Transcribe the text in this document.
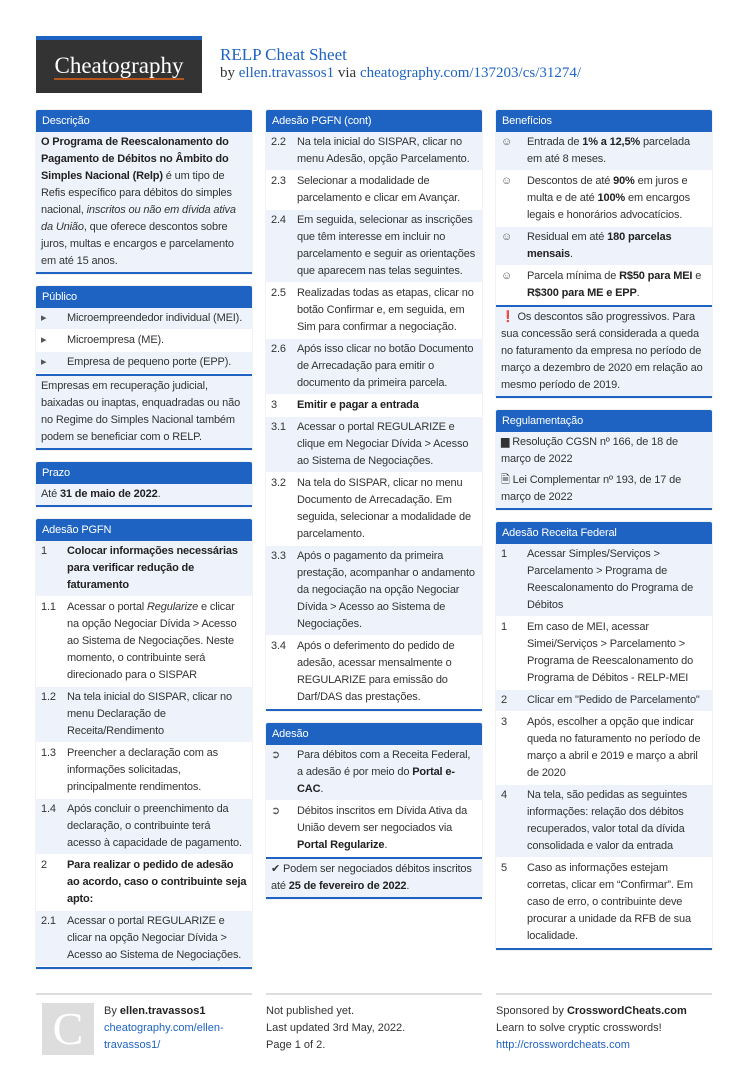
Cheatography RELP Cheat Sheet
by ellen.travassos1 via cheatography.com/137203/cs/31274/
Descrição
O Programa de Reescalonamento do Pagamento de Débitos no Âmbito do Simples Nacional (Relp) é um tipo de Refis específico para débitos do simples nacional, inscritos ou não em dívida ativa da União, que oferece descontos sobre juros, multas e encargos e parcelamento em até 15 anos.
Público
▸	Microempreendedor individual (MEI).
▸	Microempresa (ME).
▸	Empresa de pequeno porte (EPP).
Empresas em recuperação judicial, baixadas ou inaptas, enquadradas ou não no Regime do Simples Nacional também podem se beneficiar com o RELP.
Prazo
Até 31 de maio de 2022.
Adesão PGFN
1	Colocar informações necessárias para verificar redução de faturamento
1.1	Acessar o portal Regularize e clicar na opção Negociar Dívida > Acesso ao Sistema de Negociações. Neste momento, o contribuinte será direcionado para o SISPAR
1.2	Na tela inicial do SISPAR, clicar no menu Declaração de Receita/Rendimento
1.3	Preencher a declaração com as informações solicitadas, principalmente rendimentos.
1.4	Após concluir o preenchimento da declaração, o contribuinte terá acesso à capacidade de pagamento.
2	Para realizar o pedido de adesão ao acordo, caso o contribuinte seja apto:
2.1	Acessar o portal REGULARIZE e clicar na opção Negociar Dívida > Acesso ao Sistema de Negociações.
Adesão PGFN (cont)
2.2	Na tela inicial do SISPAR, clicar no menu Adesão, opção Parcelamento.
2.3	Selecionar a modalidade de parcelamento e clicar em Avançar.
2.4	Em seguida, selecionar as inscrições que têm interesse em incluir no parcelamento e seguir as orientações que aparecem nas telas seguintes.
2.5	Realizadas todas as etapas, clicar no botão Confirmar e, em seguida, em Sim para confirmar a negociação.
2.6	Após isso clicar no botão Documento de Arrecadação para emitir o documento da primeira parcela.
3	Emitir e pagar a entrada
3.1	Acessar o portal REGULARIZE e clique em Negociar Dívida > Acesso ao Sistema de Negociações.
3.2	Na tela do SISPAR, clicar no menu Documento de Arrecadação. Em seguida, selecionar a modalidade de parcelamento.
3.3	Após o pagamento da primeira prestação, acompanhar o andamento da negociação na opção Negociar Dívida > Acesso ao Sistema de Negociações.
3.4	Após o deferimento do pedido de adesão, acessar mensalmente o REGULARIZE para emissão do Darf/DAS das prestações.
Adesão
➲	Para débitos com a Receita Federal, a adesão é por meio do Portal e-CAC.
➲	Débitos inscritos em Dívida Ativa da União devem ser negociados via Portal Regularize.
✔ Podem ser negociados débitos inscritos até 25 de fevereiro de 2022.
Benefícios
☺	Entrada de 1% a 12,5% parcelada em até 8 meses.
☺	Descontos de até 90% em juros e multa e de até 100% em encargos legais e honorários advocatícios.
☺	Residual em até 180 parcelas mensais.
☺	Parcela mínima de R$50 para MEI e R$300 para ME e EPP.
❗ Os descontos são progressivos. Para sua concessão será considerada a queda no faturamento da empresa no período de março a dezembro de 2020 em relação ao mesmo período de 2019.
Regulamentação
▆ Resolução CGSN nº 166, de 18 de março de 2022
🗎 Lei Complementar nº 193, de 17 de março de 2022
Adesão Receita Federal
1	Acessar Simples/Serviços > Parcelamento > Programa de Reescalonamento do Programa de Débitos
1	Em caso de MEI, acessar Simei/Serviços > Parcelamento > Programa de Reescalonamento do Programa de Débitos - RELP-MEI
2	Clicar em "Pedido de Parcelamento"
3	Após, escolher a opção que indicar queda no faturamento no período de março a abril e 2019 e março a abril de 2020
4	Na tela, são pedidas as seguintes informações: relação dos débitos recuperados, valor total da dívida consolidada e valor da entrada
5	Caso as informações estejam corretas, clicar em “Confirmar”. Em caso de erro, o contribuinte deve procurar a unidade da RFB de sua localidade.
C	By ellen.travassos1
cheatography.com/ellen-travassos1/
Not published yet.
Last updated 3rd May, 2022.
Page 1 of 2.
Sponsored by CrosswordCheats.com
Learn to solve cryptic crosswords!
http://crosswordcheats.com
